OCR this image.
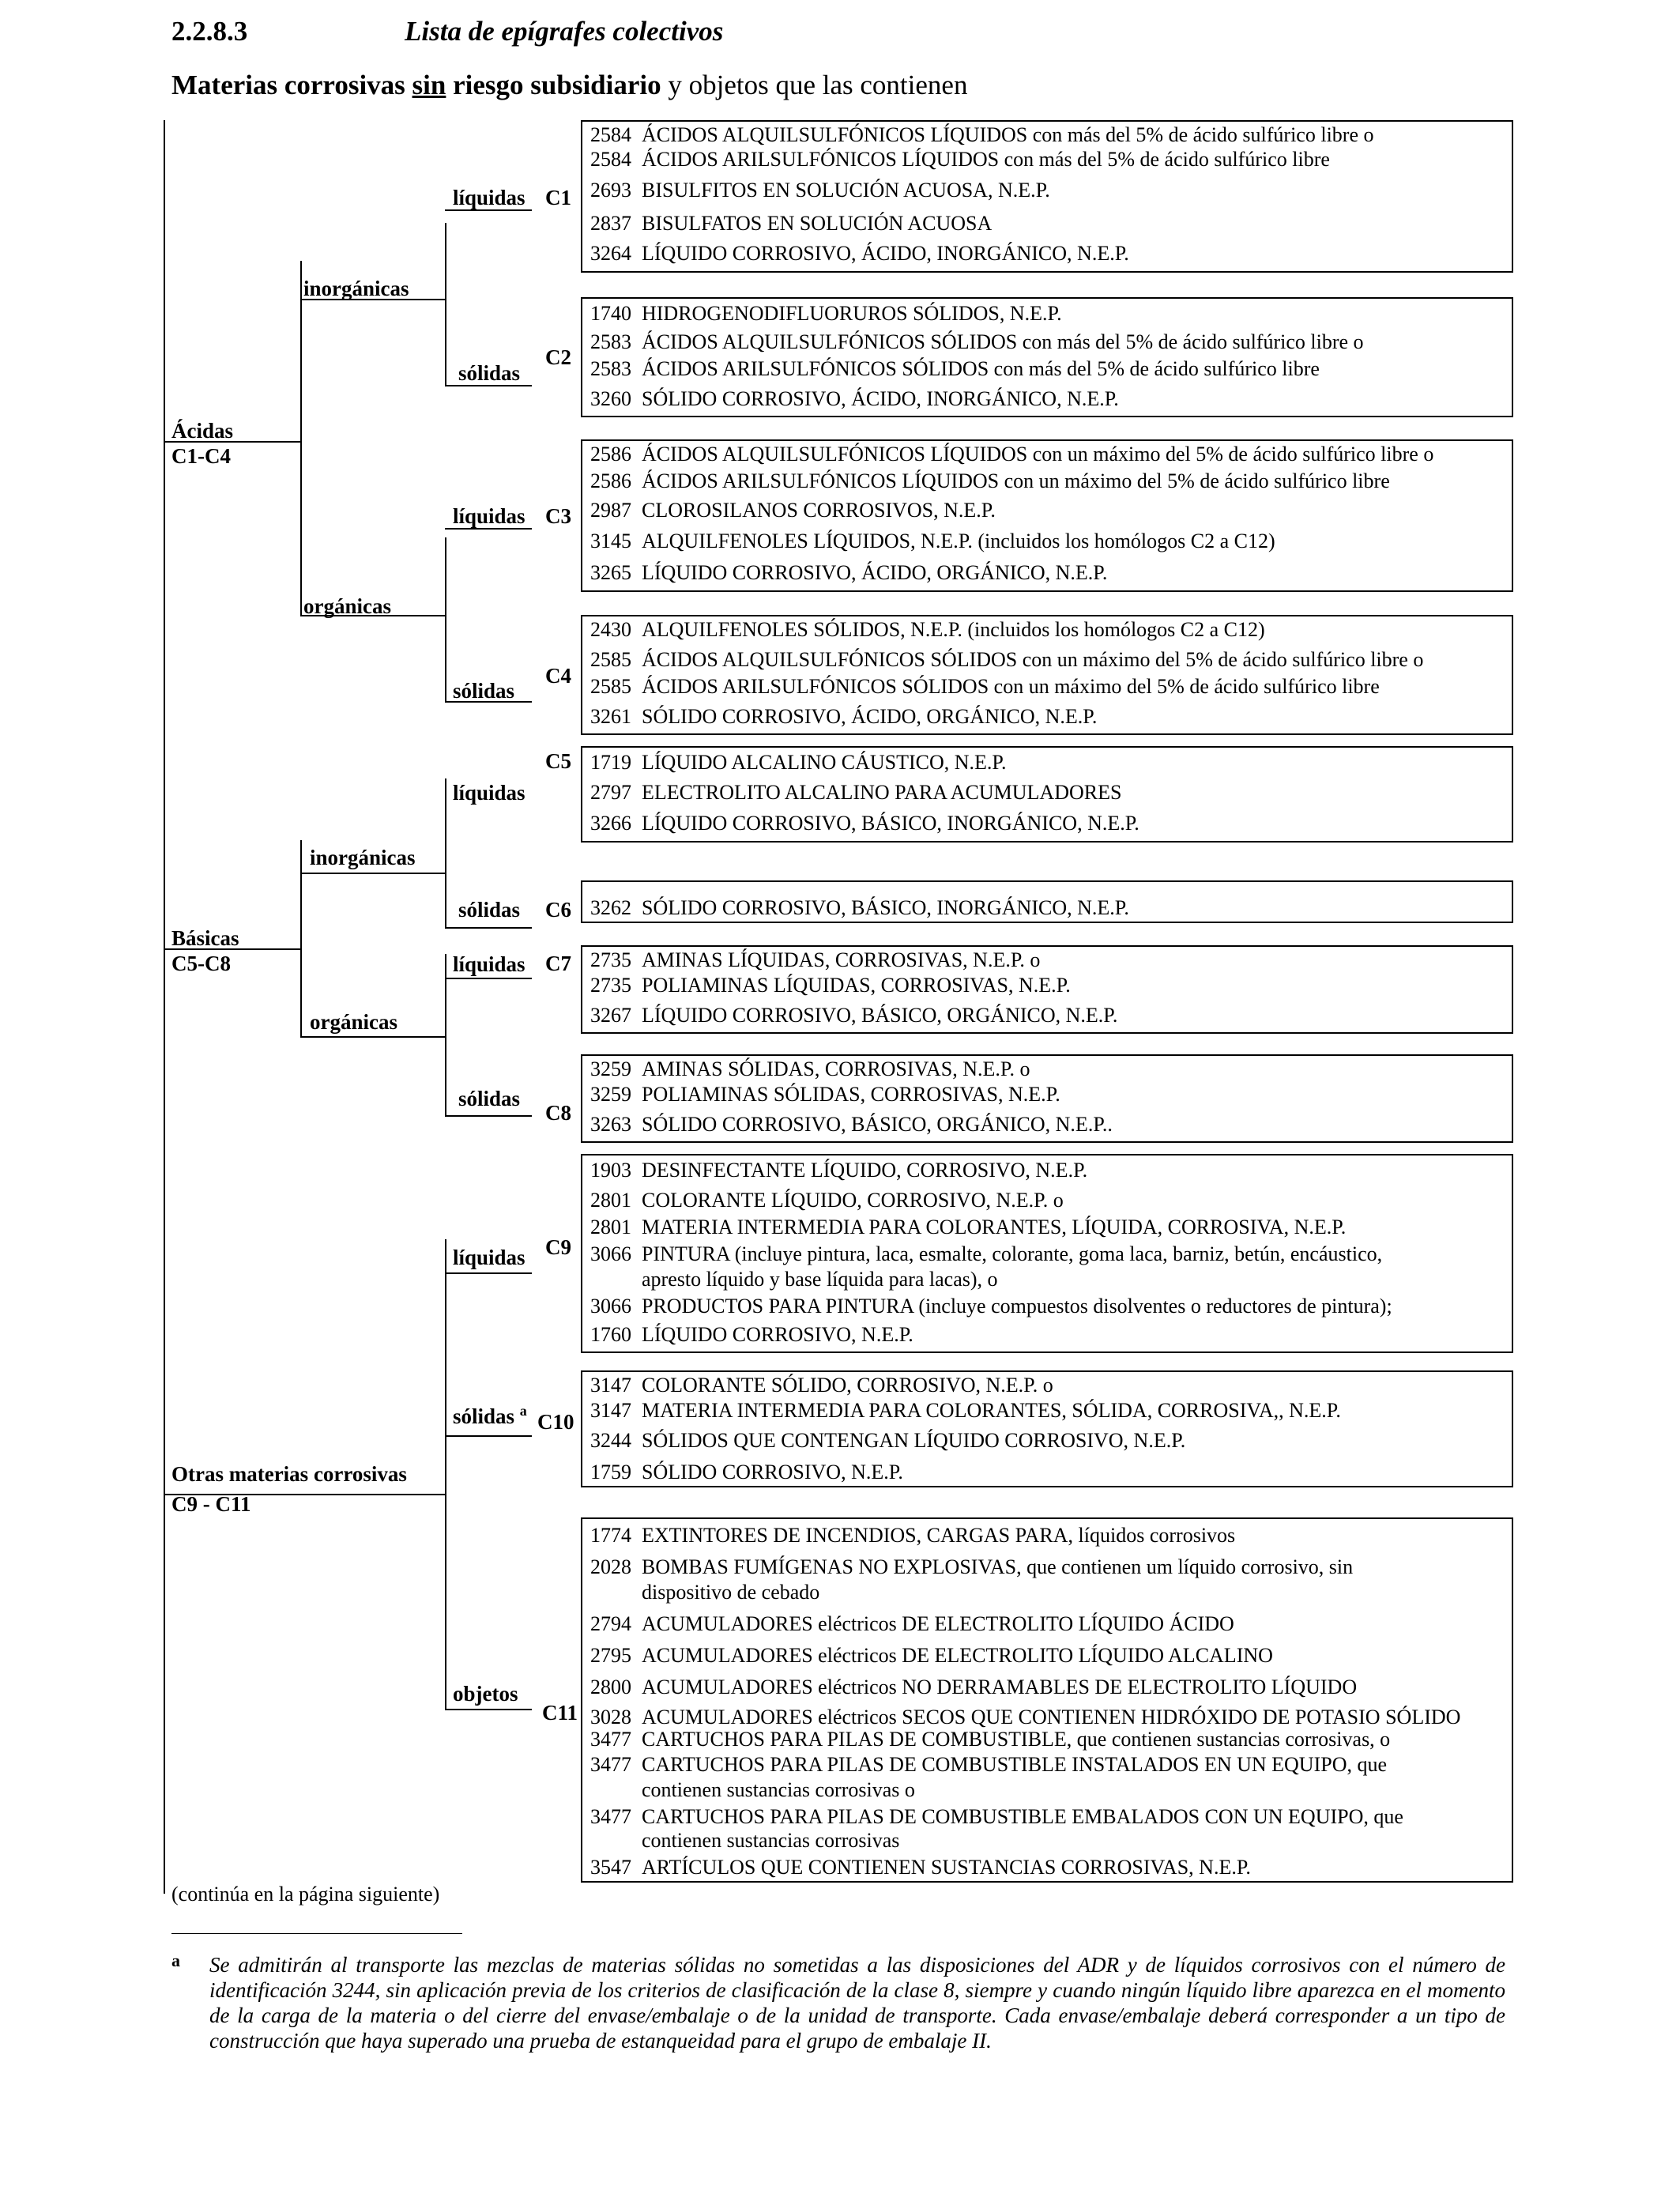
2.2.8.3	Lista de epígrafes colectivos
Materias corrosivas sin riesgo subsidiario y objetos que las contienen
Ácidas
C1-C4
inorgánicas
orgánicas
líquidas
sólidas
líquidas
sólidas
Básicas
C5-C8
inorgánicas
orgánicas
líquidas
sólidas
líquidas
sólidas
Otras materias corrosivas
C9 - C11
líquidas
sólidas $^a$
objetos
C1
C2
C3
C4
C5
C6
C7
C8
C9
C10
C11
2584 ÁCIDOS ALQUILSULFÓNICOS LÍQUIDOS con más del 5% de ácido sulfúrico libre o
2584 ÁCIDOS ARILSULFÓNICOS LÍQUIDOS con más del 5% de ácido sulfúrico libre
2693 BISULFITOS EN SOLUCIÓN ACUOSA, N.E.P.
2837 BISULFATOS EN SOLUCIÓN ACUOSA
3264 LÍQUIDO CORROSIVO, ÁCIDO, INORGÁNICO, N.E.P.
1740 HIDROGENODIFLUORUROS SÓLIDOS, N.E.P.
2583 ÁCIDOS ALQUILSULFÓNICOS SÓLIDOS con más del 5% de ácido sulfúrico libre o
2583 ÁCIDOS ARILSULFÓNICOS SÓLIDOS con más del 5% de ácido sulfúrico libre
3260 SÓLIDO CORROSIVO, ÁCIDO, INORGÁNICO, N.E.P.
2586 ÁCIDOS ALQUILSULFÓNICOS LÍQUIDOS con un máximo del 5% de ácido sulfúrico libre o
2586 ÁCIDOS ARILSULFÓNICOS LÍQUIDOS con un máximo del 5% de ácido sulfúrico libre
2987 CLOROSILANOS CORROSIVOS, N.E.P.
3145 ALQUILFENOLES LÍQUIDOS, N.E.P. (incluidos los homólogos C2 a C12)
3265 LÍQUIDO CORROSIVO, ÁCIDO, ORGÁNICO, N.E.P.
2430 ALQUILFENOLES SÓLIDOS, N.E.P. (incluidos los homólogos C2 a C12)
2585 ÁCIDOS ALQUILSULFÓNICOS SÓLIDOS con un máximo del 5% de ácido sulfúrico libre o
2585 ÁCIDOS ARILSULFÓNICOS SÓLIDOS con un máximo del 5% de ácido sulfúrico libre
3261 SÓLIDO CORROSIVO, ÁCIDO, ORGÁNICO, N.E.P.
1719 LÍQUIDO ALCALINO CÁUSTICO, N.E.P.
2797 ELECTROLITO ALCALINO PARA ACUMULADORES
3266 LÍQUIDO CORROSIVO, BÁSICO, INORGÁNICO, N.E.P.
3262 SÓLIDO CORROSIVO, BÁSICO, INORGÁNICO, N.E.P.
2735 AMINAS LÍQUIDAS, CORROSIVAS, N.E.P. o
2735 POLIAMINAS LÍQUIDAS, CORROSIVAS, N.E.P.
3267 LÍQUIDO CORROSIVO, BÁSICO, ORGÁNICO, N.E.P.
3259 AMINAS SÓLIDAS, CORROSIVAS, N.E.P. o
3259 POLIAMINAS SÓLIDAS, CORROSIVAS, N.E.P.
3263 SÓLIDO CORROSIVO, BÁSICO, ORGÁNICO, N.E.P..
1903 DESINFECTANTE LÍQUIDO, CORROSIVO, N.E.P.
2801 COLORANTE LÍQUIDO, CORROSIVO, N.E.P. o
2801 MATERIA INTERMEDIA PARA COLORANTES, LÍQUIDA, CORROSIVA, N.E.P.
3066 PINTURA (incluye pintura, laca, esmalte, colorante, goma laca, barniz, betún, encáustico,
apresto líquido y base líquida para lacas), o
3066 PRODUCTOS PARA PINTURA (incluye compuestos disolventes o reductores de pintura);
1760 LÍQUIDO CORROSIVO, N.E.P.
3147 COLORANTE SÓLIDO, CORROSIVO, N.E.P. o
3147 MATERIA INTERMEDIA PARA COLORANTES, SÓLIDA, CORROSIVA,, N.E.P.
3244 SÓLIDOS QUE CONTENGAN LÍQUIDO CORROSIVO, N.E.P.
1759 SÓLIDO CORROSIVO, N.E.P.
1774 EXTINTORES DE INCENDIOS, CARGAS PARA, líquidos corrosivos
2028 BOMBAS FUMÍGENAS NO EXPLOSIVAS, que contienen um líquido corrosivo, sin
dispositivo de cebado
2794 ACUMULADORES eléctricos DE ELECTROLITO LÍQUIDO ÁCIDO
2795 ACUMULADORES eléctricos DE ELECTROLITO LÍQUIDO ALCALINO
2800 ACUMULADORES eléctricos NO DERRAMABLES DE ELECTROLITO LÍQUIDO
3028 ACUMULADORES eléctricos SECOS QUE CONTIENEN HIDRÓXIDO DE POTASIO SÓLIDO
3477 CARTUCHOS PARA PILAS DE COMBUSTIBLE, que contienen sustancias corrosivas, o
3477 CARTUCHOS PARA PILAS DE COMBUSTIBLE INSTALADOS EN UN EQUIPO, que
contienen sustancias corrosivas o
3477 CARTUCHOS PARA PILAS DE COMBUSTIBLE EMBALADOS CON UN EQUIPO, que
contienen sustancias corrosivas
3547 ARTÍCULOS QUE CONTIENEN SUSTANCIAS CORROSIVAS, N.E.P.
(continúa en la página siguiente)
a Se admitirán al transporte las mezclas de materias sólidas no sometidas a las disposiciones del ADR y de líquidos corrosivos con el número de identificación 3244, sin aplicación previa de los criterios de clasificación de la clase 8, siempre y cuando ningún líquido libre aparezca en el momento de la carga de la materia o del cierre del envase/embalaje o de la unidad de transporte. Cada envase/embalaje deberá corresponder a un tipo de construcción que haya superado una prueba de estanqueidad para el grupo de embalaje II.
